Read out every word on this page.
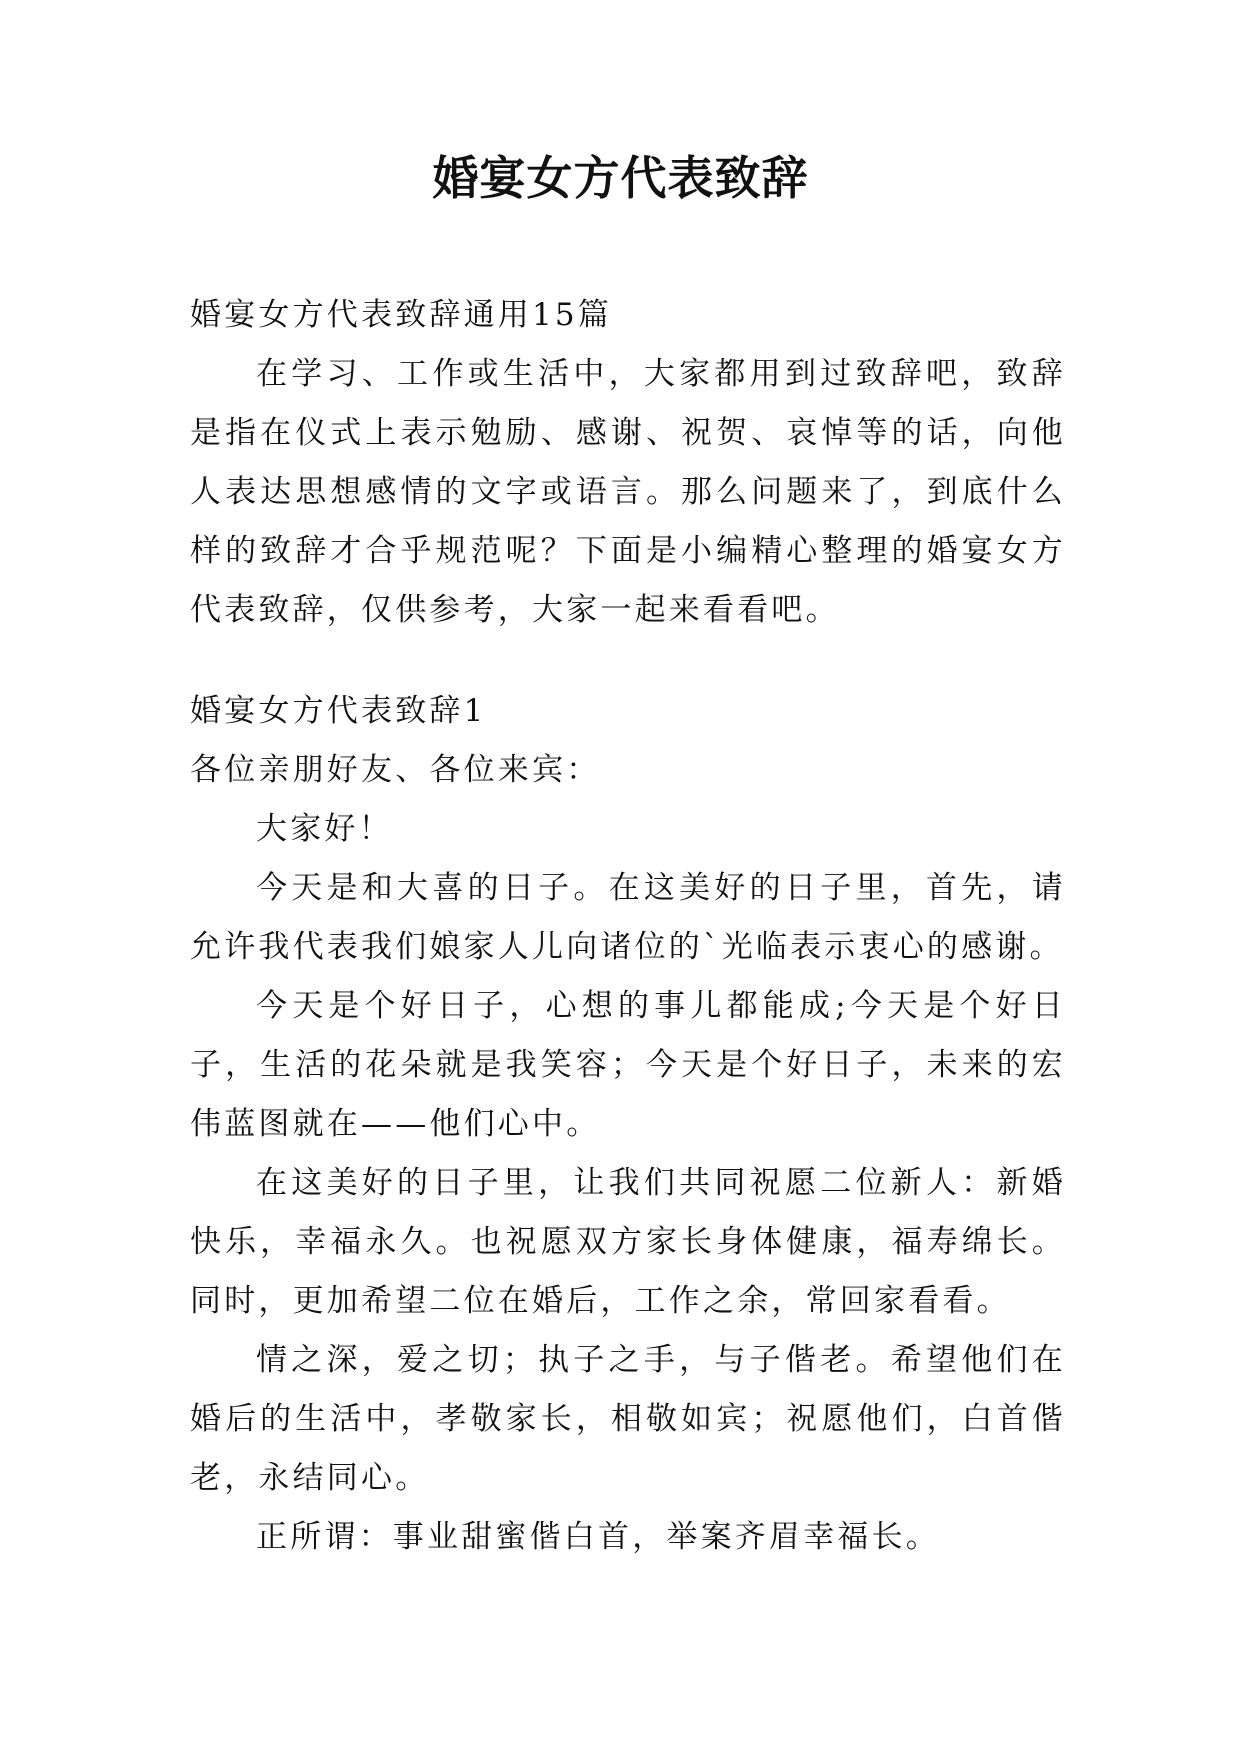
婚宴女方代表致辞

婚宴女方代表致辞通用15篇

在学习、工作或生活中，大家都用到过致辞吧，致辞是指在仪式上表示勉励、感谢、祝贺、哀悼等的话，向他人表达思想感情的文字或语言。那么问题来了，到底什么样的致辞才合乎规范呢？下面是小编精心整理的婚宴女方代表致辞，仅供参考，大家一起来看看吧。

婚宴女方代表致辞1

各位亲朋好友、各位来宾：

大家好！

今天是和大喜的日子。在这美好的日子里，首先，请允许我代表我们娘家人儿向诸位的`光临表示衷心的感谢。

今天是个好日子，心想的事儿都能成;今天是个好日子，生活的花朵就是我笑容；今天是个好日子，未来的宏伟蓝图就在——他们心中。

在这美好的日子里，让我们共同祝愿二位新人：新婚快乐，幸福永久。也祝愿双方家长身体健康，福寿绵长。同时，更加希望二位在婚后，工作之余，常回家看看。

情之深，爱之切；执子之手，与子偕老。希望他们在婚后的生活中，孝敬家长，相敬如宾；祝愿他们，白首偕老，永结同心。

正所谓：事业甜蜜偕白首，举案齐眉幸福长。
